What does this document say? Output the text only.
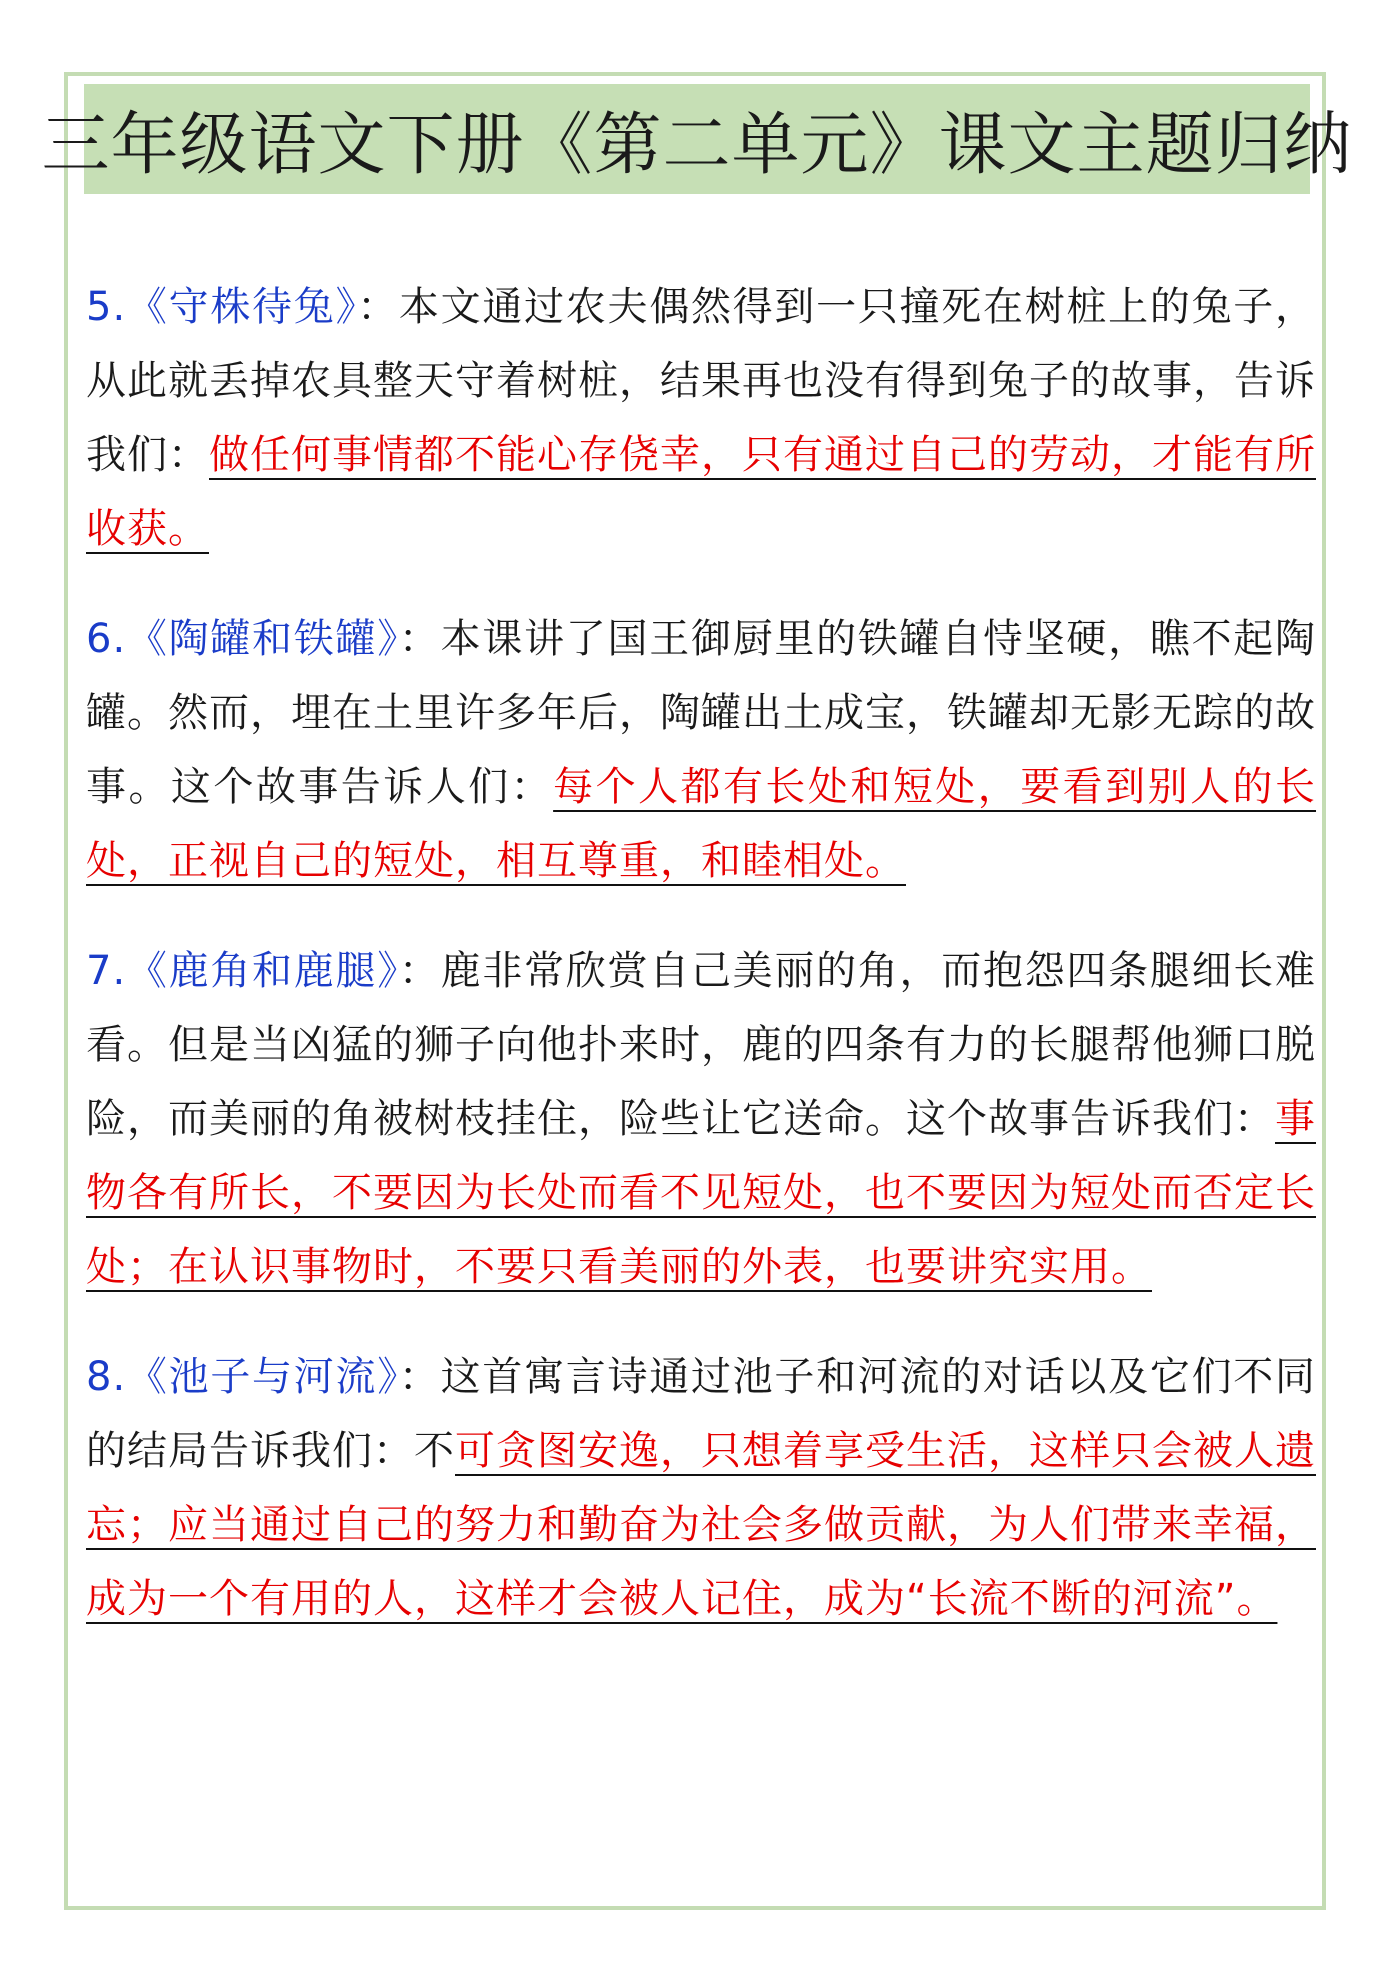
三年级语文下册《第二单元》课文主题归纳

5.《守株待兔》：本文通过农夫偶然得到一只撞死在树桩上的兔子，从此就丢掉农具整天守着树桩，结果再也没有得到兔子的故事，告诉我们：做任何事情都不能心存侥幸，只有通过自己的劳动，才能有所收获。

6.《陶罐和铁罐》：本课讲了国王御厨里的铁罐自恃坚硬，瞧不起陶罐。然而，埋在土里许多年后，陶罐出土成宝，铁罐却无影无踪的故事。这个故事告诉人们：每个人都有长处和短处，要看到别人的长处，正视自己的短处，相互尊重，和睦相处。

7.《鹿角和鹿腿》：鹿非常欣赏自己美丽的角，而抱怨四条腿细长难看。但是当凶猛的狮子向他扑来时，鹿的四条有力的长腿帮他狮口脱险，而美丽的角被树枝挂住，险些让它送命。这个故事告诉我们：事物各有所长，不要因为长处而看不见短处，也不要因为短处而否定长处；在认识事物时，不要只看美丽的外表，也要讲究实用。

8.《池子与河流》：这首寓言诗通过池子和河流的对话以及它们不同的结局告诉我们：不可贪图安逸，只想着享受生活，这样只会被人遗忘；应当通过自己的努力和勤奋为社会多做贡献，为人们带来幸福，成为一个有用的人，这样才会被人记住，成为“长流不断的河流”。
